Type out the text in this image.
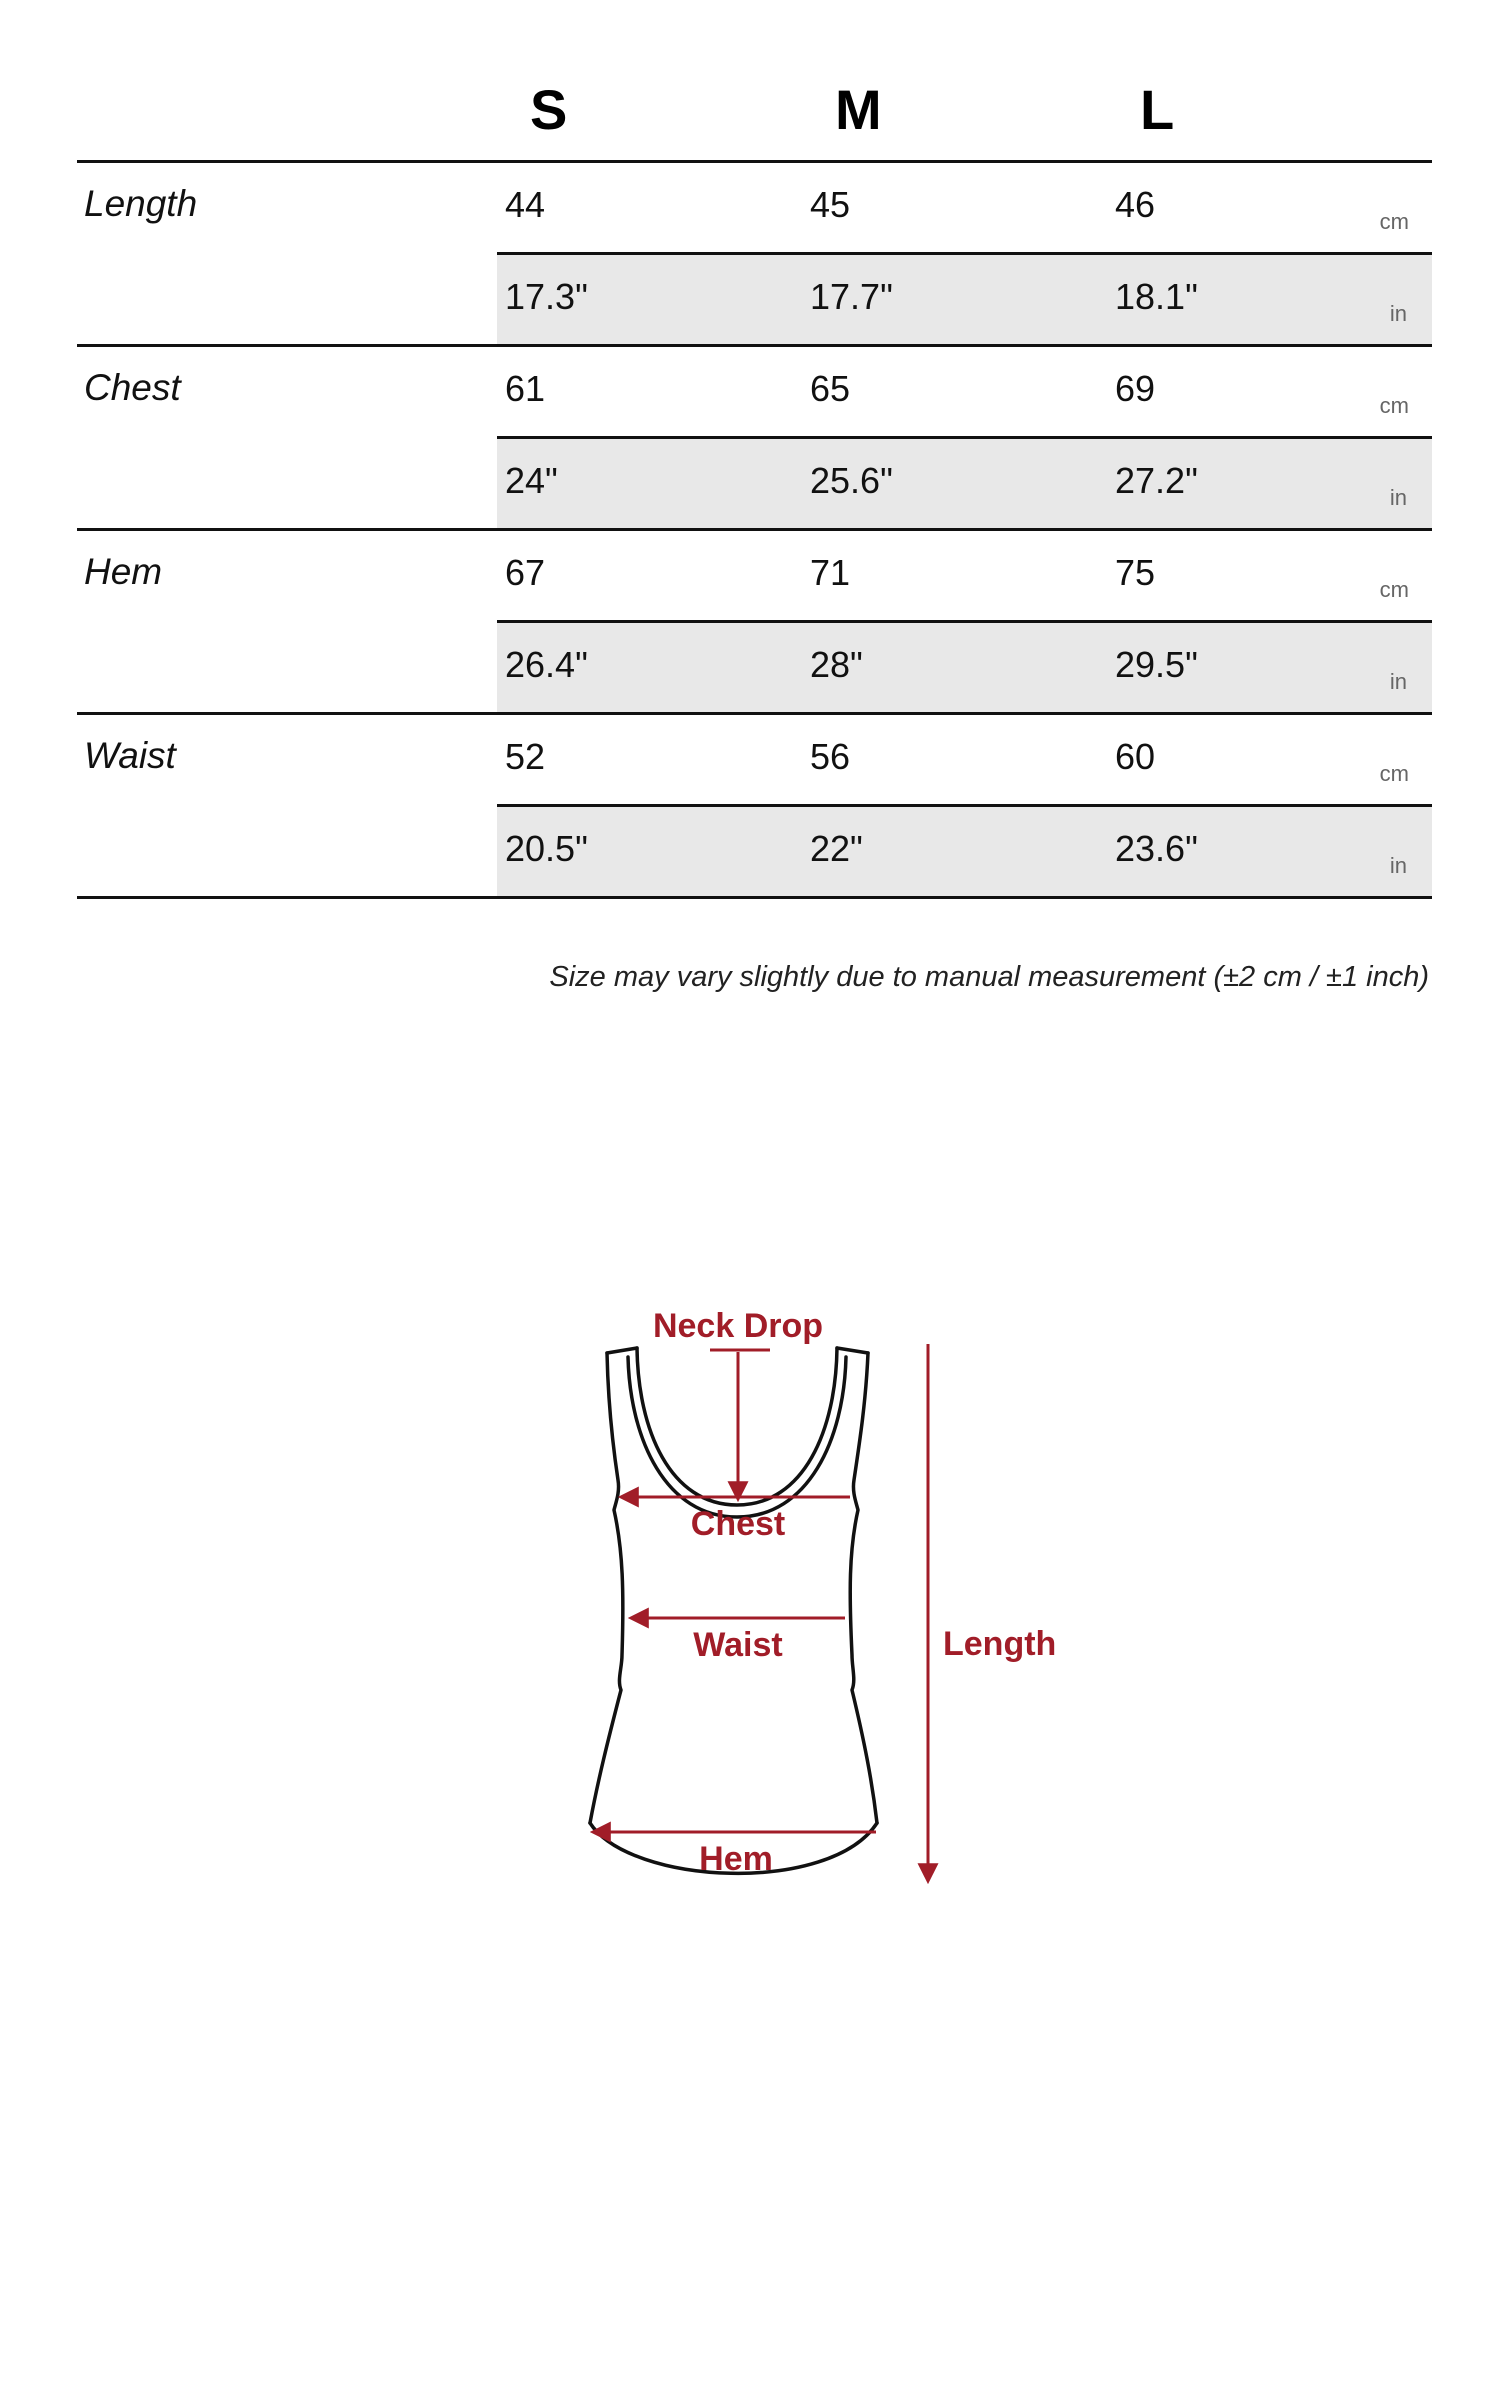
S	M	L
Length	44	45	46	cm
17.3"	17.7"	18.1"	in
Chest	61	65	69	cm
24"	25.6"	27.2"	in
Hem	67	71	75	cm
26.4"	28"	29.5"	in
Waist	52	56	60	cm
20.5"	22"	23.6"	in
Size may vary slightly due to manual measurement (±2 cm / ±1 inch)
Neck Drop
Chest
Waist
Hem
Length
